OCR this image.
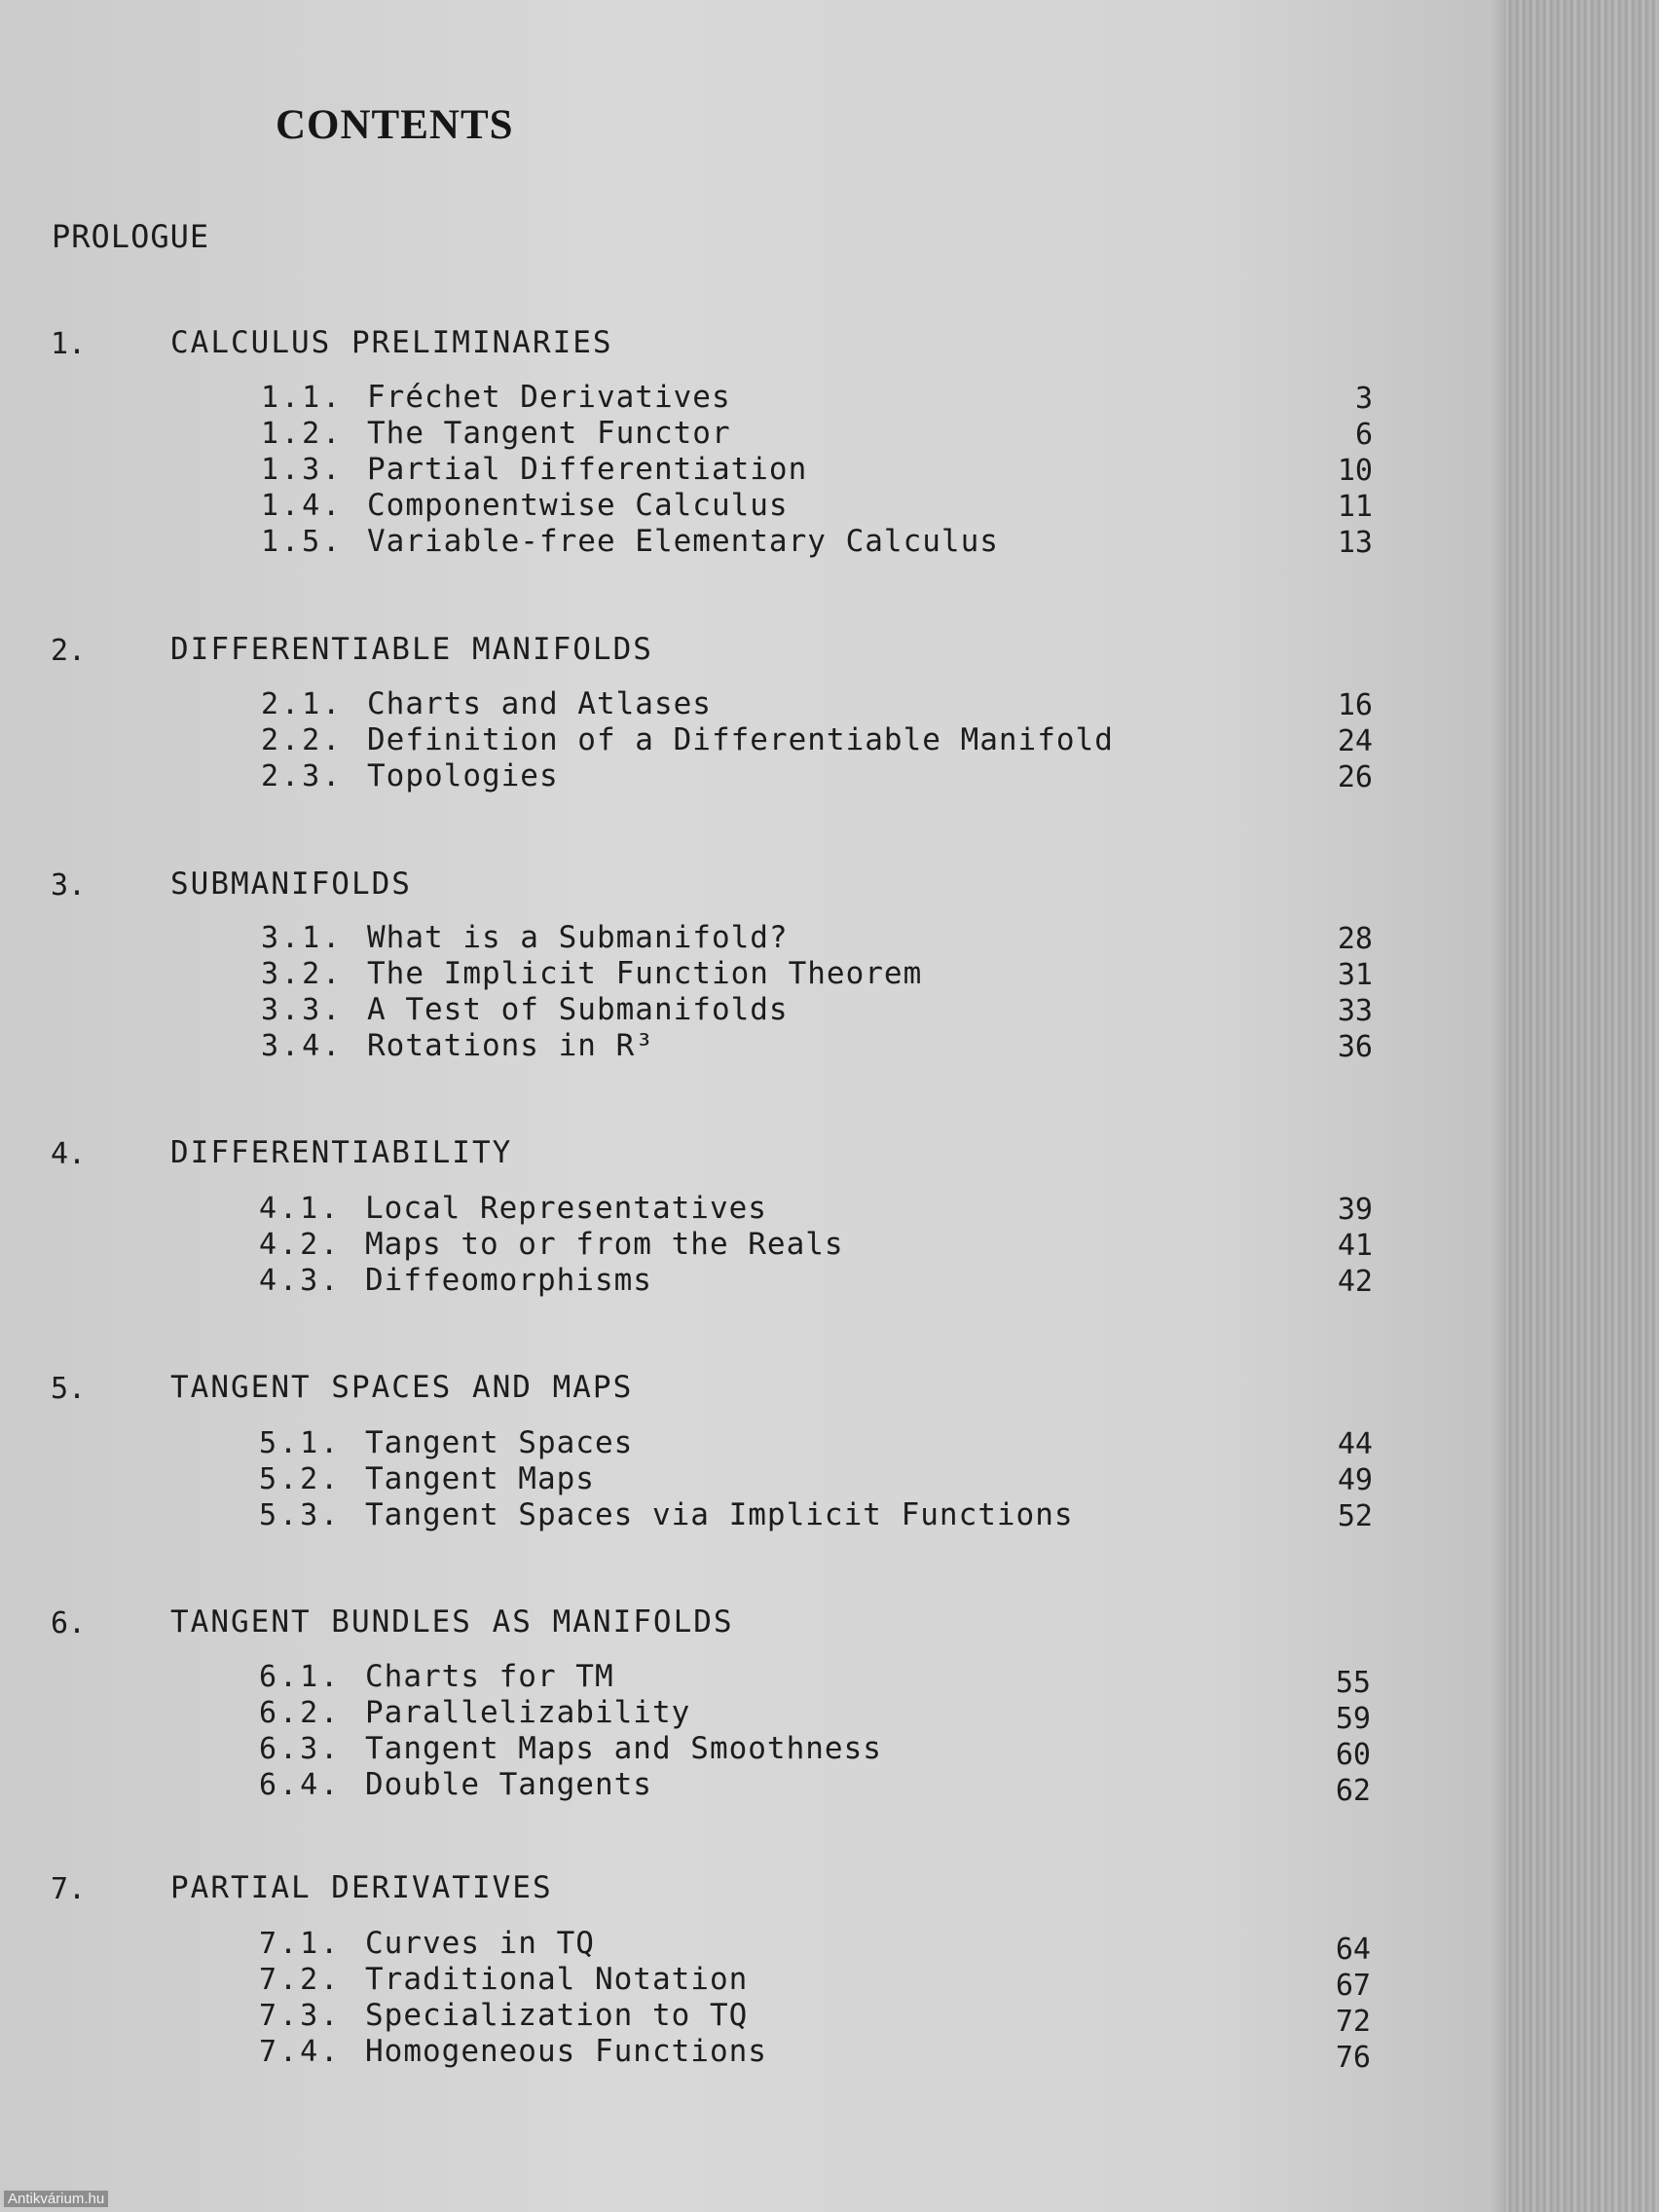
CONTENTS
PROLOGUE
1.	CALCULUS PRELIMINARIES
1.1. Fréchet Derivatives	3
1.2. The Tangent Functor	6
1.3. Partial Differentiation	10
1.4. Componentwise Calculus	11
1.5. Variable-free Elementary Calculus	13
2.	DIFFERENTIABLE MANIFOLDS
2.1. Charts and Atlases	16
2.2. Definition of a Differentiable Manifold	24
2.3. Topologies	26
3.	SUBMANIFOLDS
3.1. What is a Submanifold?	28
3.2. The Implicit Function Theorem	31
3.3. A Test of Submanifolds	33
3.4. Rotations in R³	36
4.	DIFFERENTIABILITY
4.1. Local Representatives	39
4.2. Maps to or from the Reals	41
4.3. Diffeomorphisms	42
5.	TANGENT SPACES AND MAPS
5.1. Tangent Spaces	44
5.2. Tangent Maps	49
5.3. Tangent Spaces via Implicit Functions	52
6.	TANGENT BUNDLES AS MANIFOLDS
6.1. Charts for TM	55
6.2. Parallelizability	59
6.3. Tangent Maps and Smoothness	60
6.4. Double Tangents	62
7.	PARTIAL DERIVATIVES
7.1. Curves in TQ	64
7.2. Traditional Notation	67
7.3. Specialization to TQ	72
7.4. Homogeneous Functions	76
Antikvárium.hu
